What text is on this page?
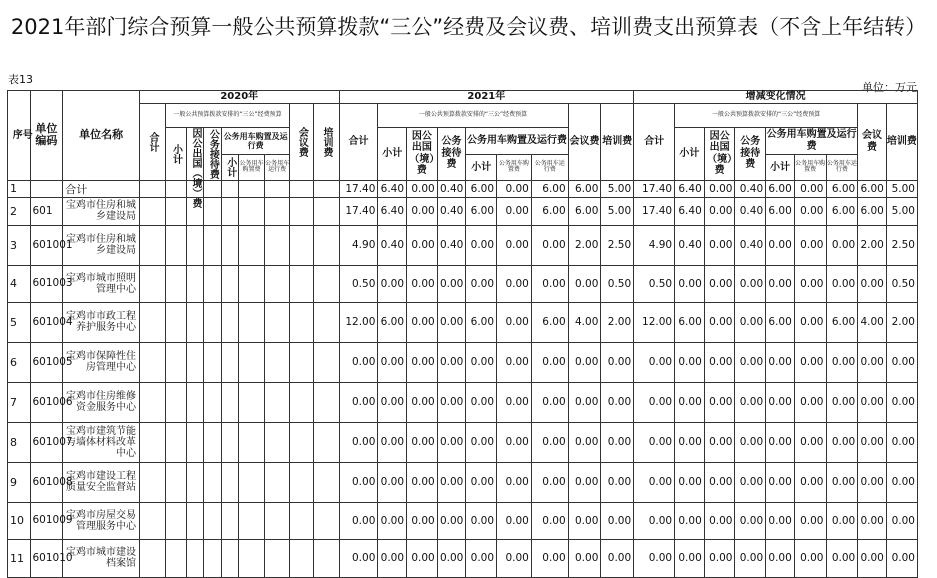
2021年部门综合预算一般公共预算拨款“三公”经费及会议费、培训费支出预算表（不含上年结转）
表13
单位：万元
序号	单位编码	单位名称	2020年									2021年									增减变化情况								

			合计	一般公共预算拨款安排的“三公”经费预算						会议费	培训费	合计	一般公共预算拨款安排的“三公”经费预算						会议费	培训费	合计	一般公共预算拨款安排的“三公”经费预算						会议费	培训费

				小计	因公出国（境）费	公务接待费	公务用车购置及运行费						小计	因公出国（境）费	公务接待费	公务用车购置及运行费						小计	因公出国（境）费	公务接待费	公务用车购置及运行费				

							小计	公务用车购置费	公务用车运行费							小计	公务用车购置费	公务用车运行费							小计	公务用车购置费	公务用车运行费		
1		合计										17.40	6.40	0.00	0.40	6.00	0.00	6.00	6.00	5.00	17.40	6.40	0.00	0.40	6.00	0.00	6.00	6.00	5.00
2	601	宝鸡市住房和城乡建设局										17.40	6.40	0.00	0.40	6.00	0.00	6.00	6.00	5.00	17.40	6.40	0.00	0.40	6.00	0.00	6.00	6.00	5.00
3	601001	宝鸡市住房和城乡建设局										4.90	0.40	0.00	0.40	0.00	0.00	0.00	2.00	2.50	4.90	0.40	0.00	0.40	0.00	0.00	0.00	2.00	2.50
4	601003	宝鸡市城市照明管理中心										0.50	0.00	0.00	0.00	0.00	0.00	0.00	0.00	0.50	0.50	0.00	0.00	0.00	0.00	0.00	0.00	0.00	0.50
5	601004	宝鸡市市政工程养护服务中心										12.00	6.00	0.00	0.00	6.00	0.00	6.00	4.00	2.00	12.00	6.00	0.00	0.00	6.00	0.00	6.00	4.00	2.00
6	601005	宝鸡市保障性住房管理中心										0.00	0.00	0.00	0.00	0.00	0.00	0.00	0.00	0.00	0.00	0.00	0.00	0.00	0.00	0.00	0.00	0.00	0.00
7	601006	宝鸡市住房维修资金服务中心										0.00	0.00	0.00	0.00	0.00	0.00	0.00	0.00	0.00	0.00	0.00	0.00	0.00	0.00	0.00	0.00	0.00	0.00
8	601007	宝鸡市建筑节能与墙体材料改革中心										0.00	0.00	0.00	0.00	0.00	0.00	0.00	0.00	0.00	0.00	0.00	0.00	0.00	0.00	0.00	0.00	0.00	0.00
9	601008	宝鸡市建设工程质量安全监督站										0.00	0.00	0.00	0.00	0.00	0.00	0.00	0.00	0.00	0.00	0.00	0.00	0.00	0.00	0.00	0.00	0.00	0.00
10	601009	宝鸡市房屋交易管理服务中心										0.00	0.00	0.00	0.00	0.00	0.00	0.00	0.00	0.00	0.00	0.00	0.00	0.00	0.00	0.00	0.00	0.00	0.00
11	601010	宝鸡市城市建设档案馆										0.00	0.00	0.00	0.00	0.00	0.00	0.00	0.00	0.00	0.00	0.00	0.00	0.00	0.00	0.00	0.00	0.00	0.00
